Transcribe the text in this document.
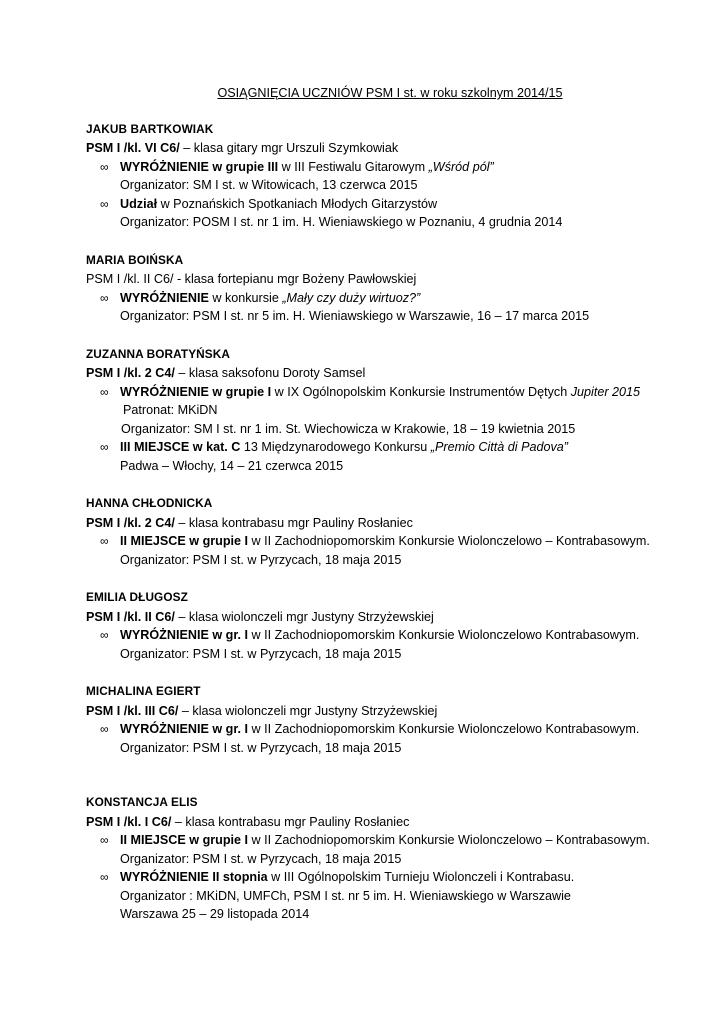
OSIĄGNIĘCIA UCZNIÓW PSM I st. w roku szkolnym 2014/15
JAKUB BARTKOWIAK
PSM I /kl. VI C6/ – klasa gitary mgr Urszuli Szymkowiak
∞ WYRÓŻNIENIE w grupie III w III Festiwalu Gitarowym „Wśród pól”
Organizator: SM I st. w Witowicach, 13 czerwca 2015
∞ Udział w Poznańskich Spotkaniach Młodych Gitarzystów
Organizator: POSM I st. nr 1 im. H. Wieniawskiego w Poznaniu, 4 grudnia 2014
MARIA BOIŃSKA
PSM I /kl. II C6/ - klasa fortepianu mgr Bożeny Pawłowskiej
∞ WYRÓŻNIENIE w konkursie „Mały czy duży wirtuoz?”
Organizator: PSM I st. nr 5 im. H. Wieniawskiego w Warszawie, 16 – 17 marca 2015
ZUZANNA BORATYŃSKA
PSM I /kl. 2 C4/ – klasa saksofonu Doroty Samsel
∞ WYRÓŻNIENIE w grupie I w IX Ogólnopolskim Konkursie Instrumentów Dętych Jupiter 2015
Patronat: MKiDN
Organizator: SM I st. nr 1 im. St. Wiechowicza w Krakowie, 18 – 19 kwietnia 2015
∞ III MIEJSCE w kat. C 13 Międzynarodowego Konkursu „Premio Città di Padova”
Padwa – Włochy, 14 – 21 czerwca 2015
HANNA CHŁODNICKA
PSM I /kl. 2 C4/ – klasa kontrabasu mgr Pauliny Rosłaniec
∞ II MIEJSCE w grupie I w II Zachodniopomorskim Konkursie Wiolonczelowo – Kontrabasowym.
Organizator: PSM I st. w Pyrzycach, 18 maja 2015
EMILIA DŁUGOSZ
PSM I /kl. II C6/ – klasa wiolonczeli mgr Justyny Strzyżewskiej
∞ WYRÓŻNIENIE w gr. I w II Zachodniopomorskim Konkursie Wiolonczelowo Kontrabasowym.
Organizator: PSM I st. w Pyrzycach, 18 maja 2015
MICHALINA EGIERT
PSM I /kl. III C6/ – klasa wiolonczeli mgr Justyny Strzyżewskiej
∞ WYRÓŻNIENIE w gr. I w II Zachodniopomorskim Konkursie Wiolonczelowo Kontrabasowym.
Organizator: PSM I st. w Pyrzycach, 18 maja 2015
KONSTANCJA ELIS
PSM I /kl. I C6/ – klasa kontrabasu mgr Pauliny Rosłaniec
∞ II MIEJSCE w grupie I w II Zachodniopomorskim Konkursie Wiolonczelowo – Kontrabasowym.
Organizator: PSM I st. w Pyrzycach, 18 maja 2015
∞ WYRÓŻNIENIE II stopnia w III Ogólnopolskim Turnieju Wiolonczeli i Kontrabasu.
Organizator : MKiDN, UMFCh, PSM I st. nr 5 im. H. Wieniawskiego w Warszawie
Warszawa 25 – 29 listopada 2014
